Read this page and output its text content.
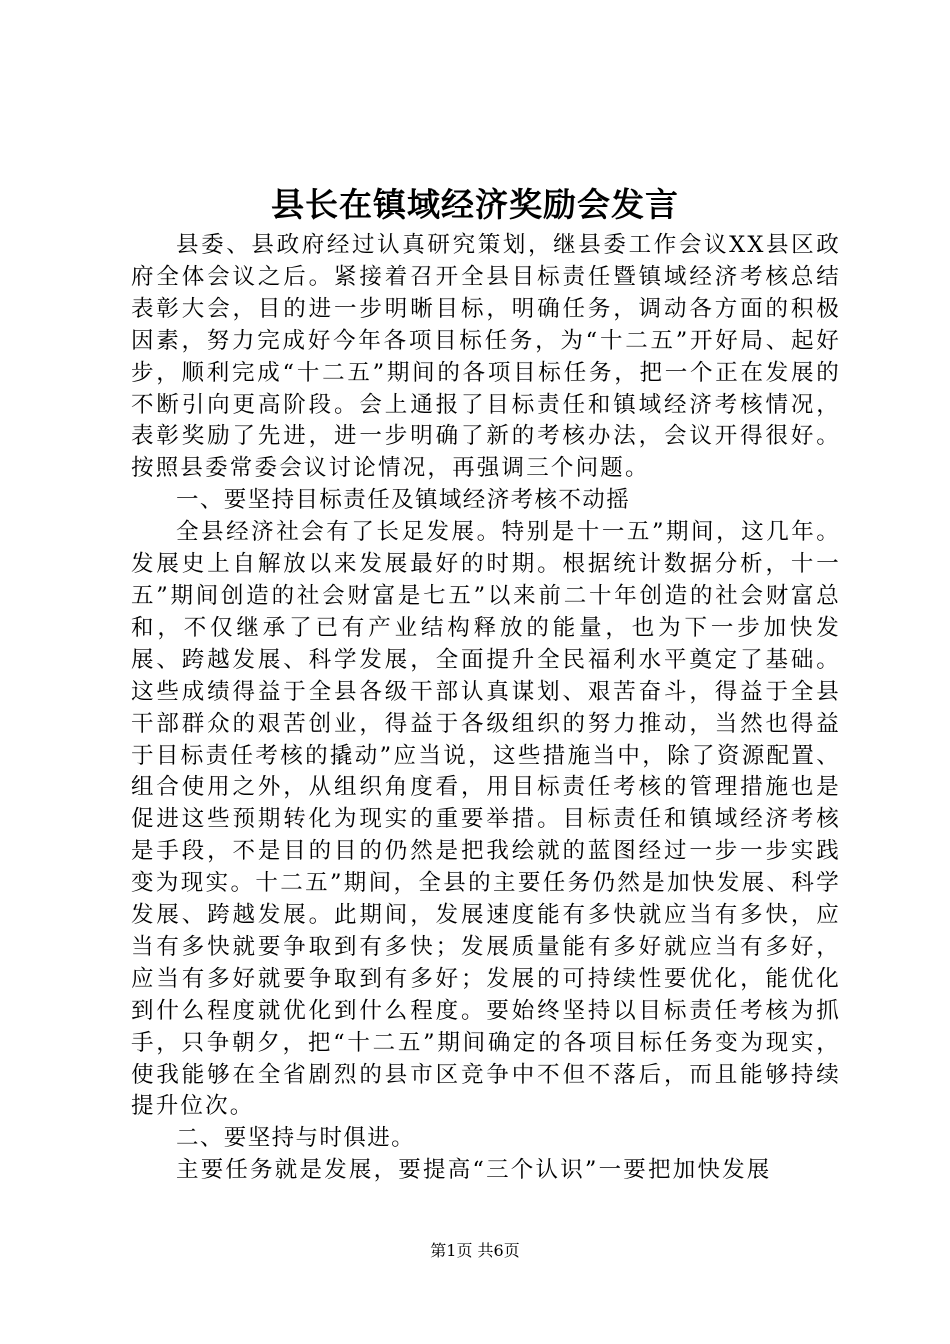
县长在镇域经济奖励会发言

县委、县政府经过认真研究策划，继县委工作会议XX县区政府全体会议之后。紧接着召开全县目标责任暨镇域经济考核总结表彰大会，目的进一步明晰目标，明确任务，调动各方面的积极因素，努力完成好今年各项目标任务，为“十二五”开好局、起好步，顺利完成“十二五”期间的各项目标任务，把一个正在发展的不断引向更高阶段。会上通报了目标责任和镇域经济考核情况，表彰奖励了先进，进一步明确了新的考核办法，会议开得很好。按照县委常委会议讨论情况，再强调三个问题。

一、要坚持目标责任及镇域经济考核不动摇

全县经济社会有了长足发展。特别是十一五”期间，这几年。发展史上自解放以来发展最好的时期。根据统计数据分析，十一五”期间创造的社会财富是七五”以来前二十年创造的社会财富总和，不仅继承了已有产业结构释放的能量，也为下一步加快发展、跨越发展、科学发展，全面提升全民福利水平奠定了基础。这些成绩得益于全县各级干部认真谋划、艰苦奋斗，得益于全县干部群众的艰苦创业，得益于各级组织的努力推动，当然也得益于目标责任考核的撬动”应当说，这些措施当中，除了资源配置、组合使用之外，从组织角度看，用目标责任考核的管理措施也是促进这些预期转化为现实的重要举措。目标责任和镇域经济考核是手段，不是目的目的仍然是把我绘就的蓝图经过一步一步实践变为现实。十二五”期间，全县的主要任务仍然是加快发展、科学发展、跨越发展。此期间，发展速度能有多快就应当有多快，应当有多快就要争取到有多快；发展质量能有多好就应当有多好，应当有多好就要争取到有多好；发展的可持续性要优化，能优化到什么程度就优化到什么程度。要始终坚持以目标责任考核为抓手，只争朝夕，把“十二五”期间确定的各项目标任务变为现实，使我能够在全省剧烈的县市区竞争中不但不落后，而且能够持续提升位次。

二、要坚持与时俱进。

主要任务就是发展，要提高“三个认识”一要把加快发展

第1页 共6页
